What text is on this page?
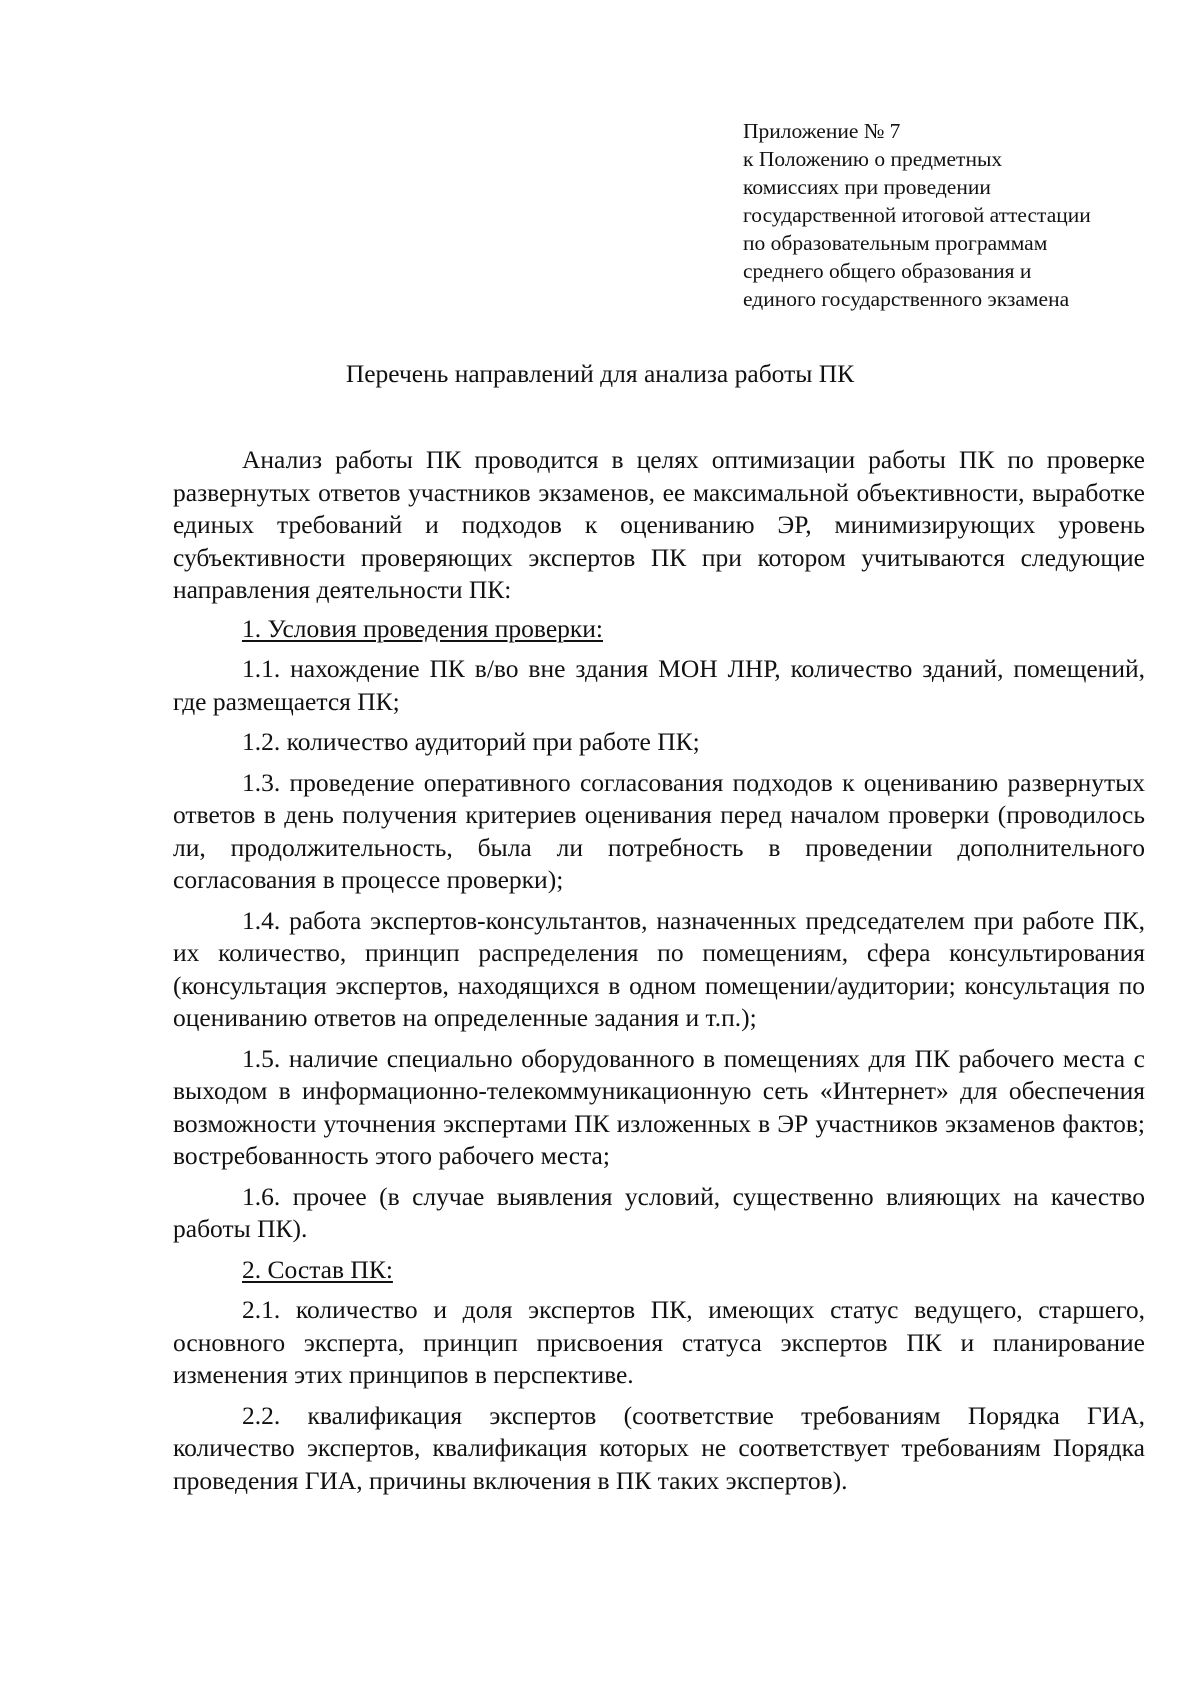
Приложение № 7
к Положению о предметных
комиссиях при проведении
государственной итоговой аттестации
по образовательным программам
среднего общего образования и
единого государственного экзамена
Перечень направлений для анализа работы ПК

Анализ работы ПК проводится в целях оптимизации работы ПК по проверке развернутых ответов участников экзаменов, ее максимальной объективности, выработке единых требований и подходов к оцениванию ЭР, минимизирующих уровень субъективности проверяющих экспертов ПК при котором учитываются следующие направления деятельности ПК:

1. Условия проведения проверки:

1.1. нахождение ПК в/во вне здания МОН ЛНР, количество зданий, помещений, где размещается ПК;

1.2. количество аудиторий при работе ПК;

1.3. проведение оперативного согласования подходов к оцениванию развернутых ответов в день получения критериев оценивания перед началом проверки (проводилось ли, продолжительность, была ли потребность в проведении дополнительного согласования в процессе проверки);

1.4. работа экспертов-консультантов, назначенных председателем при работе ПК, их количество, принцип распределения по помещениям, сфера консультирования (консультация экспертов, находящихся в одном помещении/аудитории; консультация по оцениванию ответов на определенные задания и т.п.);

1.5. наличие специально оборудованного в помещениях для ПК рабочего места с выходом в информационно-телекоммуникационную сеть «Интернет» для обеспечения возможности уточнения экспертами ПК изложенных в ЭР участников экзаменов фактов; востребованность этого рабочего места;

1.6. прочее (в случае выявления условий, существенно влияющих на качество работы ПК).

2. Состав ПК:

2.1. количество и доля экспертов ПК, имеющих статус ведущего, старшего, основного эксперта, принцип присвоения статуса экспертов ПК и планирование изменения этих принципов в перспективе.

2.2. квалификация экспертов (соответствие требованиям Порядка ГИА, количество экспертов, квалификация которых не соответствует требованиям Порядка проведения ГИА, причины включения в ПК таких экспертов).
